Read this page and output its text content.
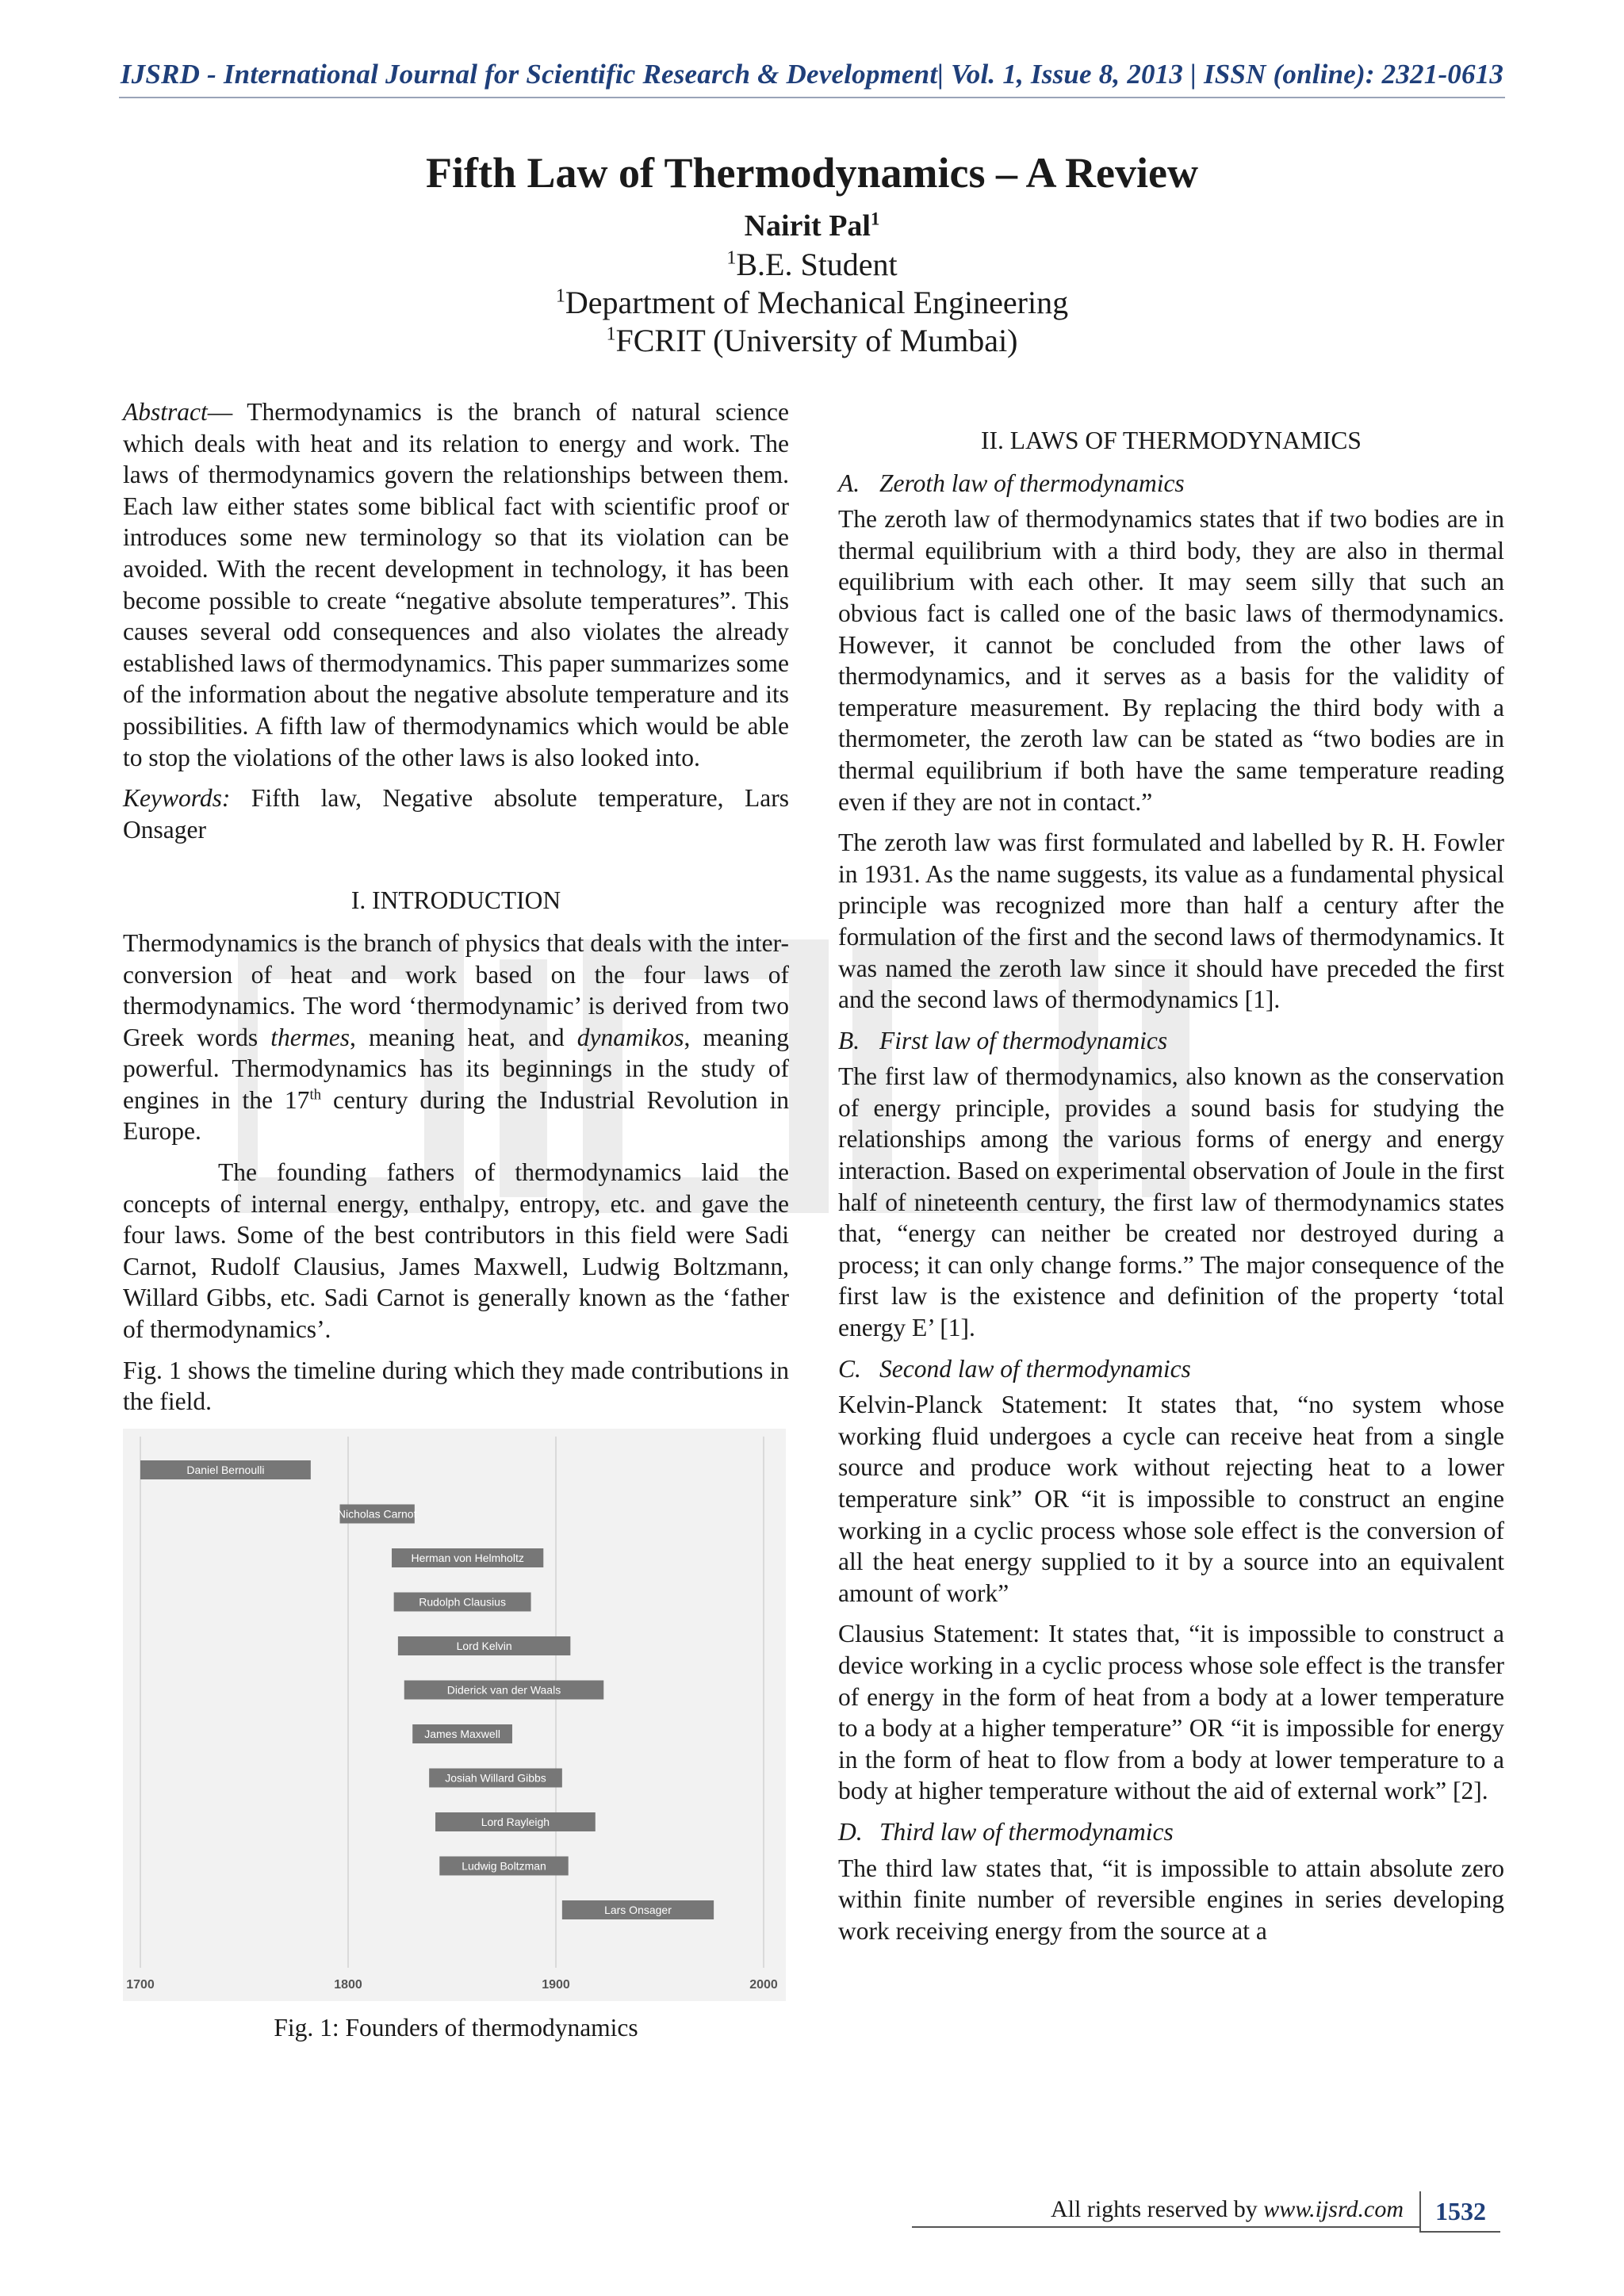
IJSRD - International Journal for Scientific Research & Development| Vol. 1, Issue 8, 2013 | ISSN (online): 2321-0613
Fifth Law of Thermodynamics – A Review
Nairit Pal$^1$
$^1$B.E. Student
$^1$Department of Mechanical Engineering
$^1$FCRIT (University of Mumbai)

Abstract— Thermodynamics is the branch of natural science which deals with heat and its relation to energy and work. The laws of thermodynamics govern the relationships between them. Each law either states some biblical fact with scientific proof or introduces some new terminology so that its violation can be avoided. With the recent development in technology, it has been become possible to create “negative absolute temperatures”. This causes several odd consequences and also violates the already established laws of thermodynamics. This paper summarizes some of the information about the negative absolute temperature and its possibilities. A fifth law of thermodynamics which would be able to stop the violations of the other laws is also looked into.

Keywords: Fifth law, Negative absolute temperature, Lars Onsager

I. INTRODUCTION

Thermodynamics is the branch of physics that deals with the inter-conversion of heat and work based on the four laws of thermodynamics. The word ‘thermodynamic’ is derived from two Greek words thermes, meaning heat, and dynamikos, meaning powerful. Thermodynamics has its beginnings in the study of engines in the 17th century during the Industrial Revolution in Europe.

The founding fathers of thermodynamics laid the concepts of internal energy, enthalpy, entropy, etc. and gave the four laws. Some of the best contributors in this field were Sadi Carnot, Rudolf Clausius, James Maxwell, Ludwig Boltzmann, Willard Gibbs, etc. Sadi Carnot is generally known as the ‘father of thermodynamics’.

Fig. 1 shows the timeline during which they made contributions in the field.

1700	1800	1900	2000
Daniel Bernoulli
Nicholas Carnot
Herman von Helmholtz
Rudolph Clausius
Lord Kelvin
Diderick van der Waals
James Maxwell
Josiah Willard Gibbs
Lord Rayleigh
Ludwig Boltzman
Lars Onsager
Fig. 1: Founders of thermodynamics
II. LAWS OF THERMODYNAMICS
A. Zeroth law of thermodynamics

The zeroth law of thermodynamics states that if two bodies are in thermal equilibrium with a third body, they are also in thermal equilibrium with each other. It may seem silly that such an obvious fact is called one of the basic laws of thermodynamics. However, it cannot be concluded from the other laws of thermodynamics, and it serves as a basis for the validity of temperature measurement. By replacing the third body with a thermometer, the zeroth law can be stated as “two bodies are in thermal equilibrium if both have the same temperature reading even if they are not in contact.”

The zeroth law was first formulated and labelled by R. H. Fowler in 1931. As the name suggests, its value as a fundamental physical principle was recognized more than half a century after the formulation of the first and the second laws of thermodynamics. It was named the zeroth law since it should have preceded the first and the second laws of thermodynamics [1].

B. First law of thermodynamics

The first law of thermodynamics, also known as the conservation of energy principle, provides a sound basis for studying the relationships among the various forms of energy and energy interaction. Based on experimental observation of Joule in the first half of nineteenth century, the first law of thermodynamics states that, “energy can neither be created nor destroyed during a process; it can only change forms.” The major consequence of the first law is the existence and definition of the property ‘total energy E’ [1].

C. Second law of thermodynamics

Kelvin-Planck Statement: It states that, “no system whose working fluid undergoes a cycle can receive heat from a single source and produce work without rejecting heat to a lower temperature sink” OR “it is impossible to construct an engine working in a cyclic process whose sole effect is the conversion of all the heat energy supplied to it by a source into an equivalent amount of work”

Clausius Statement: It states that, “it is impossible to construct a device working in a cyclic process whose sole effect is the transfer of energy in the form of heat from a body at a lower temperature to a body at a higher temperature” OR “it is impossible for energy in the form of heat to flow from a body at lower temperature to a body at higher temperature without the aid of external work” [2].

D. Third law of thermodynamics

The third law states that, “it is impossible to attain absolute zero within finite number of reversible engines in series developing work receiving energy from the source at a

All rights reserved by www.ijsrd.com	1532
